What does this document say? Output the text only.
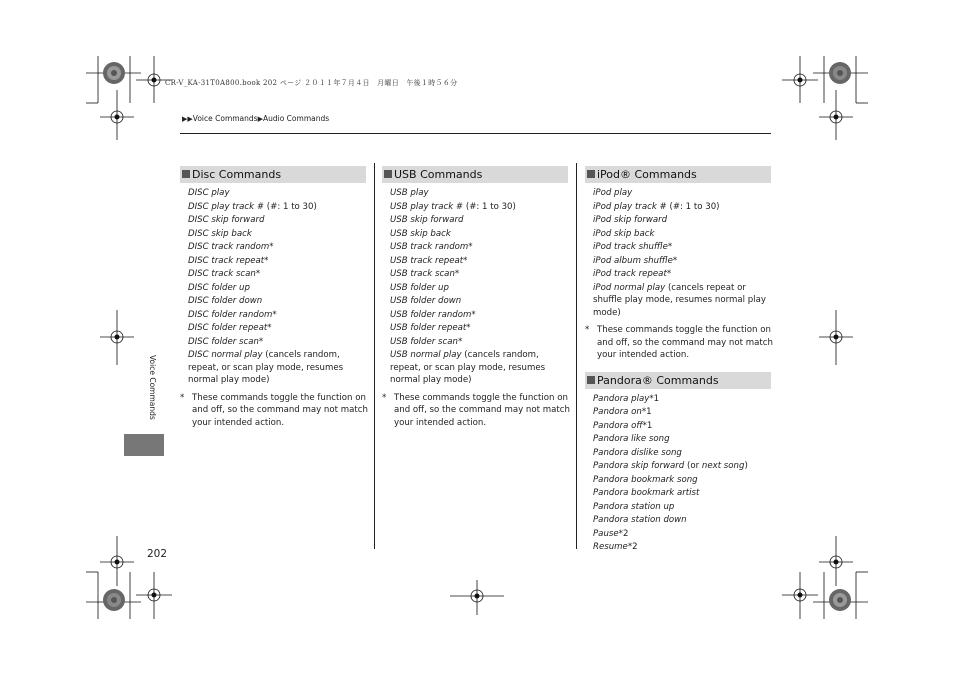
CR-V_KA-31T0A800.book 202 ページ ２０１１年７月４日　月曜日　午後１時５６分
▶▶Voice Commands▶Audio Commands
Voice Commands
Disc Commands
DISC play
DISC play track # (#: 1 to 30)
DISC skip forward
DISC skip back
DISC track random*
DISC track repeat*
DISC track scan*
DISC folder up
DISC folder down
DISC folder random*
DISC folder repeat*
DISC folder scan*
DISC normal play (cancels random, repeat, or scan play mode, resumes normal play mode)
* These commands toggle the function on and off, so the command may not match your intended action.
USB Commands
USB play
USB play track # (#: 1 to 30)
USB skip forward
USB skip back
USB track random*
USB track repeat*
USB track scan*
USB folder up
USB folder down
USB folder random*
USB folder repeat*
USB folder scan*
USB normal play (cancels random, repeat, or scan play mode, resumes normal play mode)
* These commands toggle the function on and off, so the command may not match your intended action.
iPod® Commands
iPod play
iPod play track # (#: 1 to 30)
iPod skip forward
iPod skip back
iPod track shuffle*
iPod album shuffle*
iPod track repeat*
iPod normal play (cancels repeat or shuffle play mode, resumes normal play mode)
* These commands toggle the function on and off, so the command may not match your intended action.
Pandora® Commands
Pandora play*1
Pandora on*1
Pandora off*1
Pandora like song
Pandora dislike song
Pandora skip forward (or next song)
Pandora bookmark song
Pandora bookmark artist
Pandora station up
Pandora station down
Pause*2
Resume*2
202
